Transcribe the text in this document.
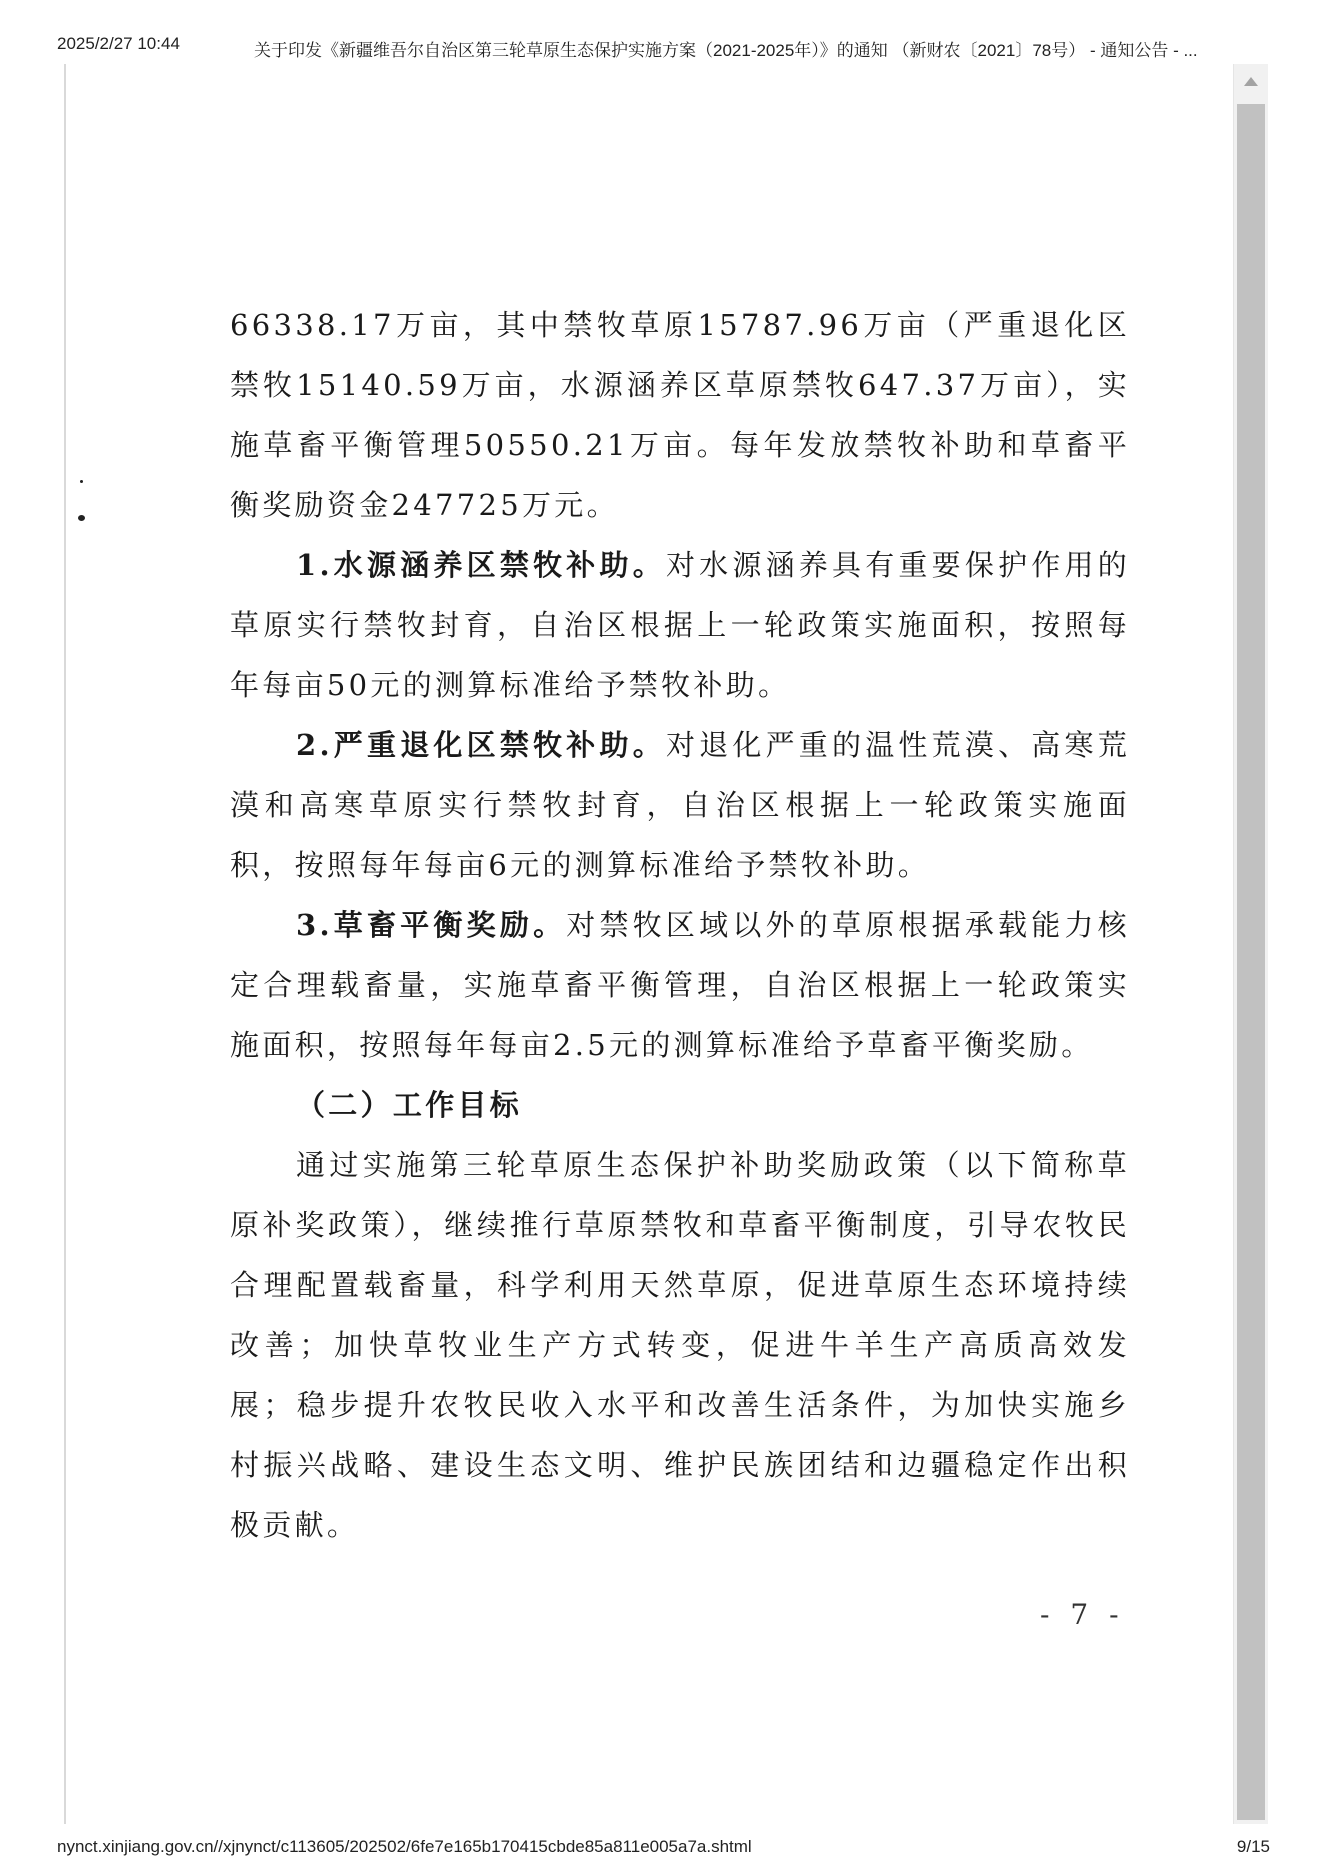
2025/2/27 10:44	关于印发《新疆维吾尔自治区第三轮草原生态保护实施方案（2021-2025年）》的通知 （新财农〔2021〕78号） - 通知公告 - ...

66338.17万亩，其中禁牧草原15787.96万亩（严重退化区禁牧15140.59万亩，水源涵养区草原禁牧647.37万亩），实施草畜平衡管理50550.21万亩。每年发放禁牧补助和草畜平衡奖励资金247725万元。

1.水源涵养区禁牧补助。对水源涵养具有重要保护作用的草原实行禁牧封育，自治区根据上一轮政策实施面积，按照每年每亩50元的测算标准给予禁牧补助。

2.严重退化区禁牧补助。对退化严重的温性荒漠、高寒荒漠和高寒草原实行禁牧封育，自治区根据上一轮政策实施面积，按照每年每亩6元的测算标准给予禁牧补助。

3.草畜平衡奖励。对禁牧区域以外的草原根据承载能力核定合理载畜量，实施草畜平衡管理，自治区根据上一轮政策实施面积，按照每年每亩2.5元的测算标准给予草畜平衡奖励。

（二）工作目标

通过实施第三轮草原生态保护补助奖励政策（以下简称草原补奖政策），继续推行草原禁牧和草畜平衡制度，引导农牧民合理配置载畜量，科学利用天然草原，促进草原生态环境持续改善；加快草牧业生产方式转变，促进牛羊生产高质高效发展；稳步提升农牧民收入水平和改善生活条件，为加快实施乡村振兴战略、建设生态文明、维护民族团结和边疆稳定作出积极贡献。

- 7 -
nynct.xinjiang.gov.cn//xjnynct/c113605/202502/6fe7e165b170415cbde85a811e005a7a.shtml	9/15
